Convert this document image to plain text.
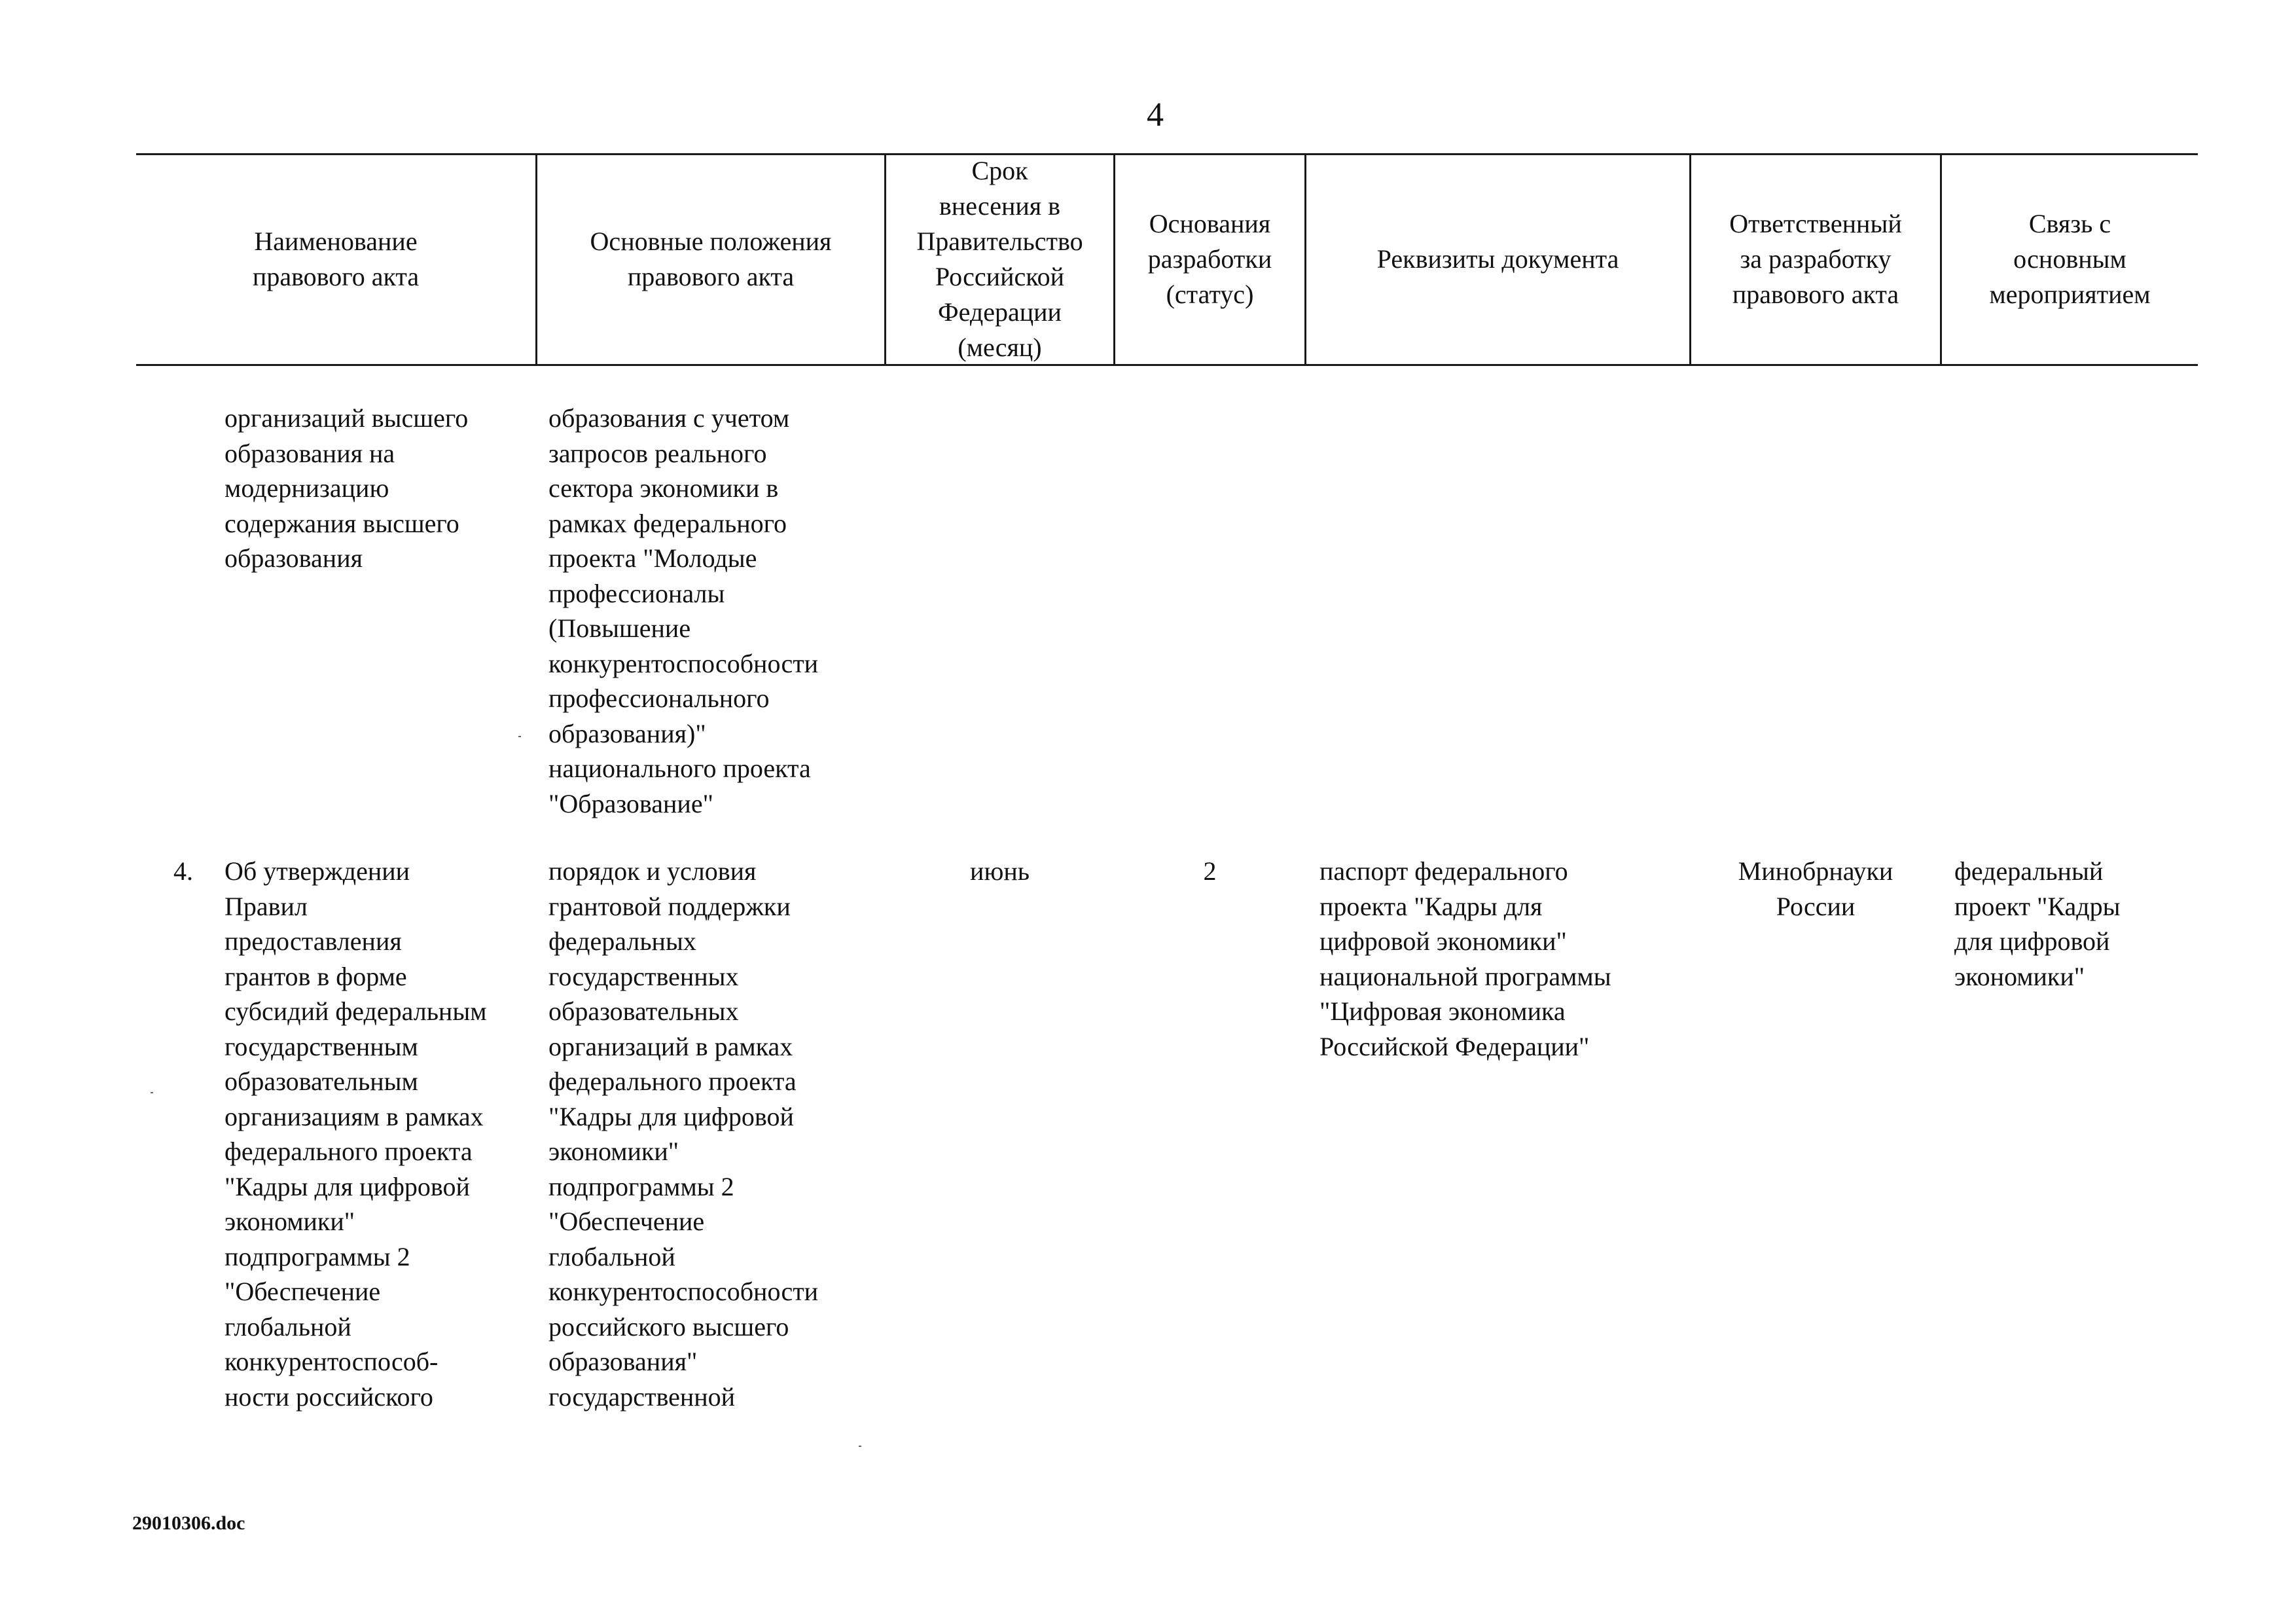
4
Наименование
правового акта
Основные положения
правового акта
Срок
внесения в
Правительство
Российской
Федерации
(месяц)
Основания
разработки
(статус)
Реквизиты документа
Ответственный
за разработку
правового акта
Связь с
основным
мероприятием
организаций высшего
образования на
модернизацию
содержания высшего
образования
образования с учетом
запросов реального
сектора экономики в
рамках федерального
проекта "Молодые
профессионалы
(Повышение
конкурентоспособности
профессионального
образования)"
национального проекта
"Образование"
4. Об утверждении
Правил
предоставления
грантов в форме
субсидий федеральным
государственным
образовательным
организациям в рамках
федерального проекта
"Кадры для цифровой
экономики"
подпрограммы 2
"Обеспечение
глобальной
конкурентоспособ-
ности российского
порядок и условия
грантовой поддержки
федеральных
государственных
образовательных
организаций в рамках
федерального проекта
"Кадры для цифровой
экономики"
подпрограммы 2
"Обеспечение
глобальной
конкурентоспособности
российского высшего
образования"
государственной
июнь	2	паспорт федерального
проекта "Кадры для
цифровой экономики"
национальной программы
"Цифровая экономика
Российской Федерации"
Минобрнауки
России
федеральный
проект "Кадры
для цифровой
экономики"
29010306.doc
